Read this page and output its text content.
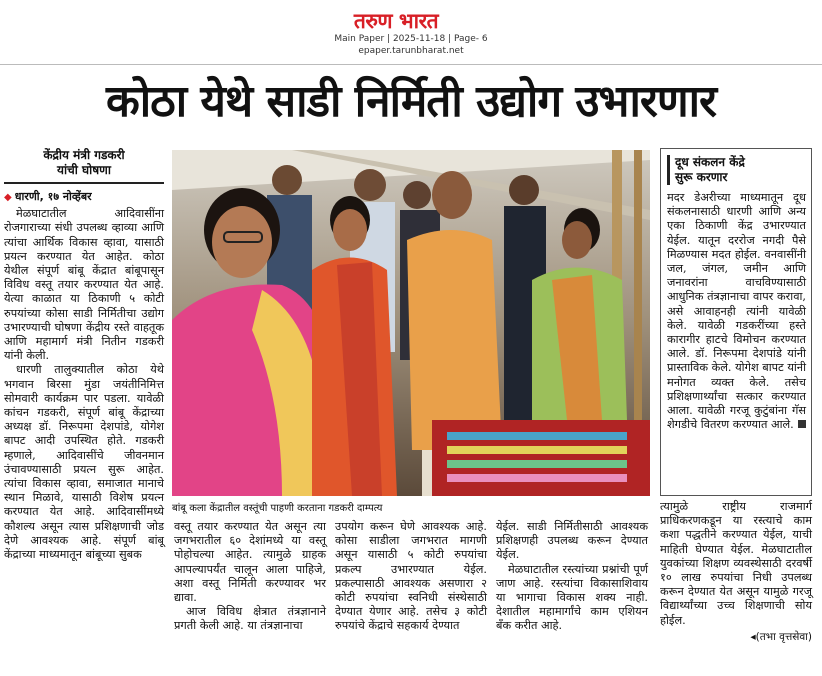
तरुण भारत
Main Paper | 2025-11-18 | Page- 6
epaper.tarunbharat.net
कोठा येथे साडी निर्मिती उद्योग उभारणार
केंद्रीय मंत्री गडकरी
यांची घोषणा
◆ धारणी, १७ नोव्हेंबर

मेळघाटातील आदिवासींना रोजगाराच्या संधी उपलब्ध व्हाव्या आणि त्यांचा आर्थिक विकास व्हावा, यासाठी प्रयत्न करण्यात येत आहेत. कोठा येथील संपूर्ण बांबू केंद्रात बांबूपासून विविध वस्तू तयार करण्यात येत आहे. येत्या काळात या ठिकाणी ५ कोटी रुपयांच्या कोसा साडी निर्मितीचा उद्योग उभारण्याची घोषणा केंद्रीय रस्ते वाहतूक आणि महामार्ग मंत्री नितीन गडकरी यांनी केली.

धारणी तालुक्यातील कोठा येथे भगवान बिरसा मुंडा जयंतीनिमित्त सोमवारी कार्यक्रम पार पडला. यावेळी कांचन गडकरी, संपूर्ण बांबू केंद्राच्या अध्यक्ष डॉ. निरूपमा देशपांडे, योगेश बापट आदी उपस्थित होते. गडकरी म्हणाले, आदिवासींचे जीवनमान उंचावण्यासाठी प्रयत्न सुरू आहेत. त्यांचा विकास व्हावा, समाजात मानाचे स्थान मिळावे, यासाठी विशेष प्रयत्न करण्यात येत आहे. आदिवासींमध्ये कौशल्य असून त्यास प्रशिक्षणाची जोड देणे आवश्यक आहे. संपूर्ण बांबू केंद्राच्या माध्यमातून बांबूच्या सुबक

बांबू कला केंद्रातील वस्तूंची पाहणी करताना गडकरी दाम्पत्य

वस्तू तयार करण्यात येत असून त्या जगभरातील ६० देशांमध्ये या वस्तू पोहोचल्या आहेत. त्यामुळे ग्राहक आपल्यापर्यंत चालून आला पाहिजे, अशा वस्तू निर्मिती करण्यावर भर द्यावा.

आज विविध क्षेत्रात तंत्रज्ञानाने प्रगती केली आहे. या तंत्रज्ञानाचा

उपयोग करून घेणे आवश्यक आहे. कोसा साडीला जगभरात मागणी असून यासाठी ५ कोटी रुपयांचा प्रकल्प उभारण्यात येईल. प्रकल्पासाठी आवश्यक असणारा २ कोटी रुपयांचा स्वनिधी संस्थेसाठी देण्यात येणार आहे. तसेच ३ कोटी रुपयांचे केंद्राचे सहकार्य देण्यात

येईल. साडी निर्मितीसाठी आवश्यक प्रशिक्षणही उपलब्ध करून देण्यात येईल.

मेळघाटातील रस्त्यांच्या प्रश्नांची पूर्ण जाण आहे. रस्त्यांचा विकासाशिवाय या भागाचा विकास शक्य नाही. देशातील महामार्गांचे काम एशियन बँक करीत आहे.

दूध संकलन केंद्रे
सुरू करणार
मदर डेअरीच्या माध्यमातून दूध संकलनासाठी धारणी आणि अन्य एका ठिकाणी केंद्र उभारण्यात येईल. यातून दररोज नगदी पैसे मिळण्यास मदत होईल. वनवासींनी जल, जंगल, जमीन आणि जनावरांना वाचविण्यासाठी आधुनिक तंत्रज्ञानाचा वापर करावा, असे आवाहनही त्यांनी यावेळी केले. यावेळी गडकरींच्या हस्ते कारागीर हाटचे विमोचन करण्यात आले. डॉ. निरूपमा देशपांडे यांनी प्रास्ताविक केले. योगेश बापट यांनी मनोगत व्यक्त केले. तसेच प्रशिक्षणार्थ्यांचा सत्कार करण्यात आला. यावेळी गरजू कुटुंबांना गॅस शेगडीचे वितरण करण्यात आले.

त्यामुळे राष्ट्रीय राजमार्ग प्राधिकरणकडून या रस्त्याचे काम कशा पद्धतीने करण्यात येईल, याची माहिती घेण्यात येईल. मेळघाटातील युवकांच्या शिक्षण व्यवस्थेसाठी दरवर्षी १० लाख रुपयांचा निधी उपलब्ध करून देण्यात येत असून यामुळे गरजू विद्यार्थ्यांच्या उच्च शिक्षणाची सोय होईल.

◂(तभा वृत्तसेवा)
